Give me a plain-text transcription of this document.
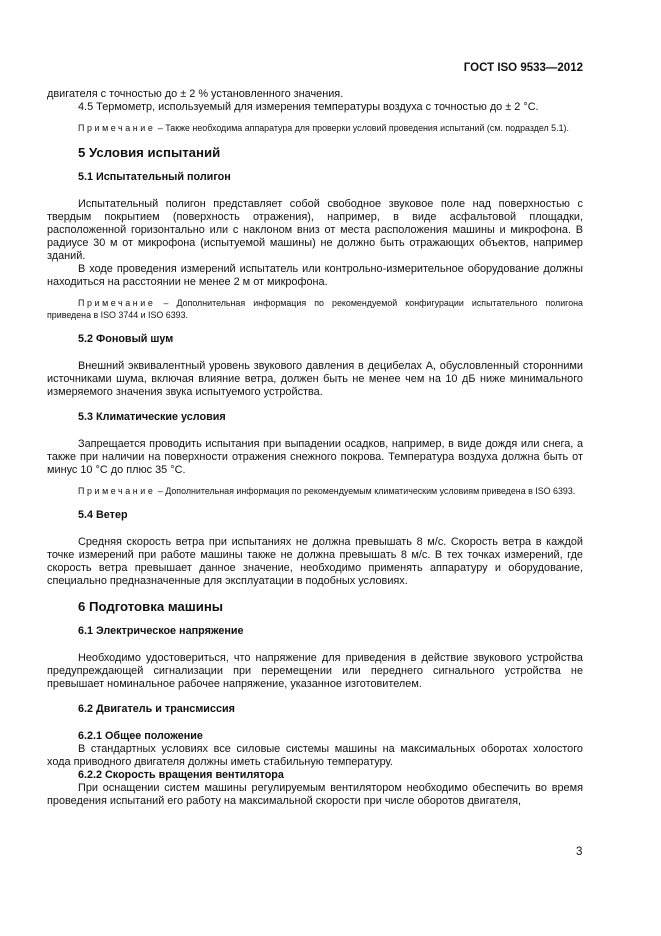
ГОСТ ISO 9533—2012

двигателя с точностью до ± 2 % установленного значения.

4.5 Термометр, используемый для измерения температуры воздуха с точностью до ± 2 °С.

Примечание – Также необходима аппаратура для проверки условий проведения испытаний (см. подраздел 5.1).

5 Условия испытаний
5.1 Испытательный полигон

Испытательный полигон представляет собой свободное звуковое поле над поверхностью с твердым покрытием (поверхность отражения), например, в виде асфальтовой площадки, расположенной горизонтально или с наклоном вниз от места расположения машины и микрофона. В радиусе 30 м от микрофона (испытуемой машины) не должно быть отражающих объектов, например зданий.

В ходе проведения измерений испытатель или контрольно-измерительное оборудование должны находиться на расстоянии не менее 2 м от микрофона.

Примечание – Дополнительная информация по рекомендуемой конфигурации испытательного полигона приведена в ISO 3744 и ISO 6393.

5.2 Фоновый шум

Внешний эквивалентный уровень звукового давления в децибелах А, обусловленный сторонними источниками шума, включая влияние ветра, должен быть не менее чем на 10 дБ ниже минимального измеряемого значения звука испытуемого устройства.

5.3 Климатические условия

Запрещается проводить испытания при выпадении осадков, например, в виде дождя или снега, а также при наличии на поверхности отражения снежного покрова. Температура воздуха должна быть от минус 10 °С до плюс 35 °С.

Примечание – Дополнительная информация по рекомендуемым климатическим условиям приведена в ISO 6393.

5.4 Ветер

Средняя скорость ветра при испытаниях не должна превышать 8 м/с. Скорость ветра в каждой точке измерений при работе машины также не должна превышать 8 м/с. В тех точках измерений, где скорость ветра превышает данное значение, необходимо применять аппаратуру и оборудование, специально предназначенные для эксплуатации в подобных условиях.

6 Подготовка машины
6.1 Электрическое напряжение

Необходимо удостовериться, что напряжение для приведения в действие звукового устройства предупреждающей сигнализации при перемещении или переднего сигнального устройства не превышает номинальное рабочее напряжение, указанное изготовителем.

6.2 Двигатель и трансмиссия
6.2.1 Общее положение

В стандартных условиях все силовые системы машины на максимальных оборотах холостого хода приводного двигателя должны иметь стабильную температуру.

6.2.2 Скорость вращения вентилятора

При оснащении систем машины регулируемым вентилятором необходимо обеспечить во время проведения испытаний его работу на максимальной скорости при числе оборотов двигателя,

3
